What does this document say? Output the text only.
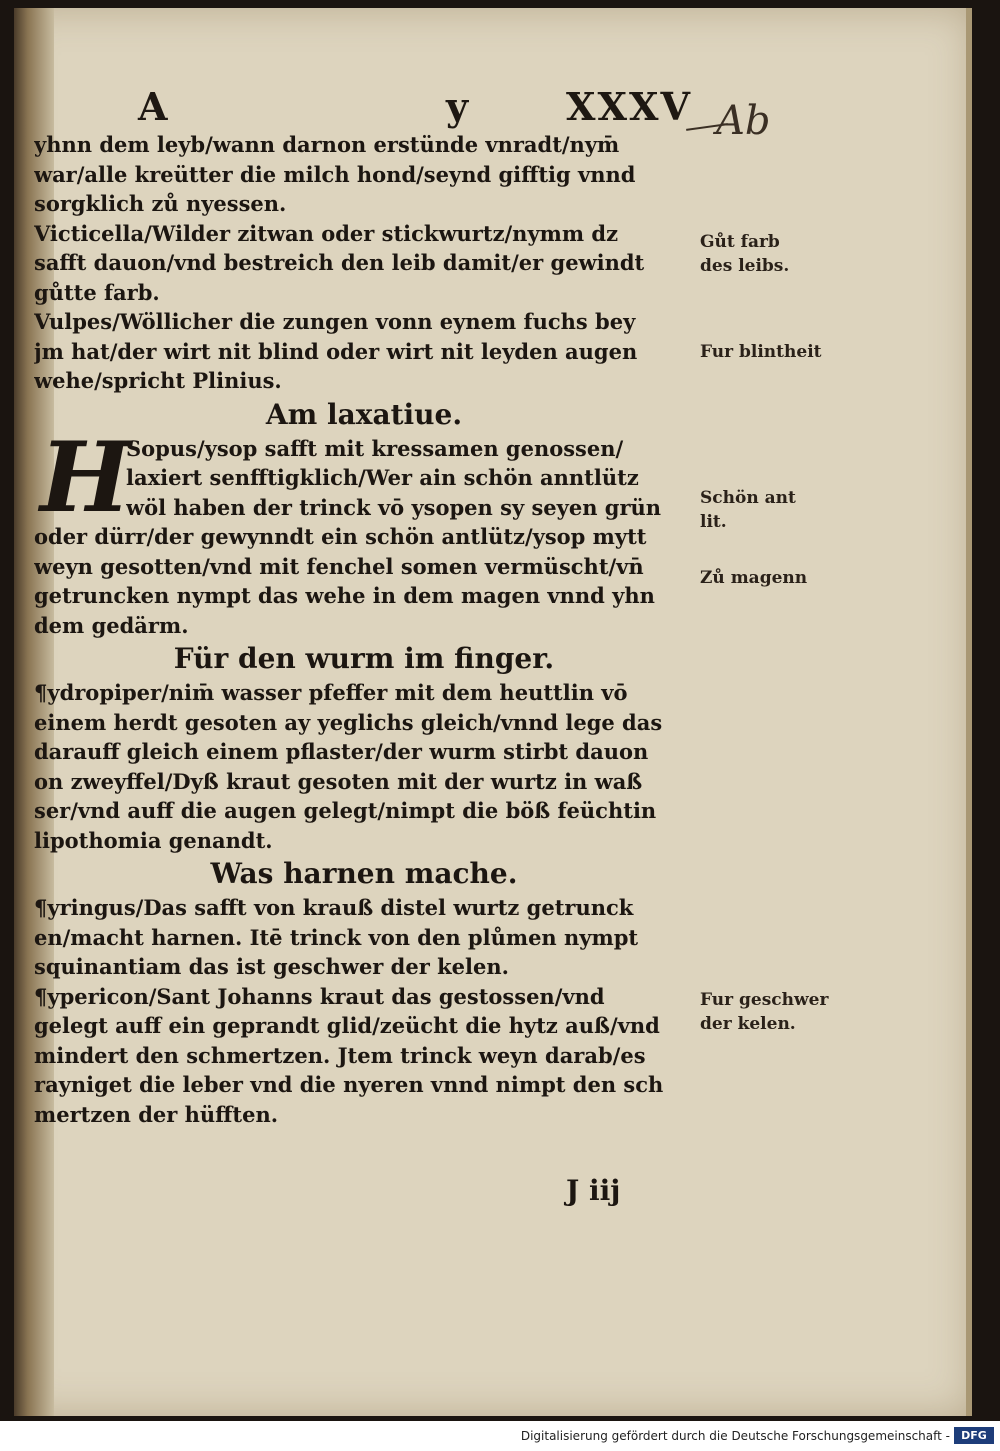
A	y	XXXV Ab
yhnn dem leyb/wann darnon erstünde vnradt/nym̄
war/alle kreütter die milch hond/seynd gifftig vnnd
sorgklich zů nyessen.
Victicella/Wilder zitwan oder stickwurtz/nymm dz
safft dauon/vnd bestreich den leib damit/er gewindt
gůtte farb.
Vulpes/Wöllicher die zungen vonn eynem fuchs bey
jm hat/der wirt nit blind oder wirt nit leyden augen
wehe/spricht Plinius.
Am laxatiue.
H
Sopus/ysop safft mit kressamen genossen/
laxiert senfftigklich/Wer ain schön anntlütz
wöl haben der trinck vō ysopen sy seyen grün
oder dürr/der gewynndt ein schön antlütz/ysop mytt
weyn gesotten/vnd mit fenchel somen vermüscht/vn̄
getruncken nympt das wehe in dem magen vnnd yhn
dem gedärm.
Für den wurm im finger.
¶ydropiper/nim̄ wasser pfeffer mit dem heuttlin vō
einem herdt gesoten ay yeglichs gleich/vnnd lege das
darauff gleich einem pflaster/der wurm stirbt dauon
on zweyffel/Dyß kraut gesoten mit der wurtz in waß
ser/vnd auff die augen gelegt/nimpt die böß feüchtin
lipothomia genandt.
Was harnen mache.
¶yringus/Das safft von krauß distel wurtz getrunck
en/macht harnen. Itē trinck von den plůmen nympt
squinantiam das ist geschwer der kelen.
¶ypericon/Sant Johanns kraut das gestossen/vnd
gelegt auff ein geprandt glid/zeücht die hytz auß/vnd
mindert den schmertzen. Jtem trinck weyn darab/es
rayniget die leber vnd die nyeren vnnd nimpt den sch
mertzen der hüfften.
Gůt farb
des leibs.
Fur blintheit
Schön ant
lit.
Zů magenn
Fur geschwer
der kelen.
J iij
Digitalisierung gefördert durch die Deutsche Forschungsgemeinschaft -	DFG
